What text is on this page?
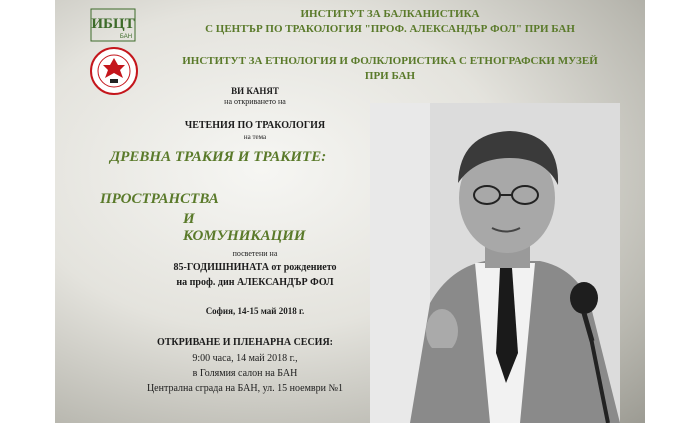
ИБЦТ
БАН
ИНСТИТУТ ЗА БАЛКАНИСТИКА
С ЦЕНТЪР ПО ТРАКОЛОГИЯ "ПРОФ. АЛЕКСАНДЪР ФОЛ" ПРИ БАН
ИНСТИТУТ ЗА ЕТНОЛОГИЯ И ФОЛКЛОРИСТИКА С ЕТНОГРАФСКИ МУЗЕЙ
ПРИ БАН
ВИ КАНЯТ
на откриването на
ЧЕТЕНИЯ ПО ТРАКОЛОГИЯ
на тема
ДРЕВНА ТРАКИЯ И ТРАКИТЕ:
ПРОСТРАНСТВА
И
КОМУНИКАЦИИ
посветени на
85-ГОДИШНИНАТА от рождението
на проф. дин АЛЕКСАНДЪР ФОЛ
София, 14-15 май 2018 г.
ОТКРИВАНЕ И ПЛЕНАРНА СЕСИЯ:
9:00 часа, 14 май 2018 г.,
в Голямия салон на БАН
Централна сграда на БАН, ул. 15 ноември №1
